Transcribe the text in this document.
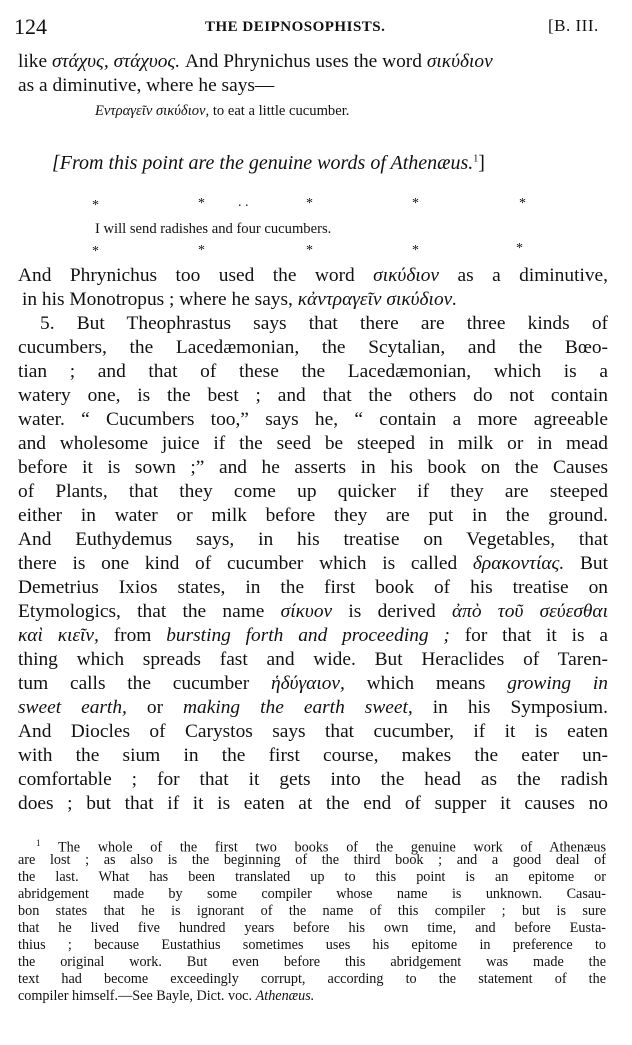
124	THE DEIPNOSOPHISTS.	[B. III.
like στάχυς, στάχυος. And Phrynichus uses the word σικύδιον
as a diminutive, where he says—
Εντραγεῖν σικύδιον, to eat a little cucumber.
[From this point are the genuine words of Athenæus.$^1$]
*	* . .	*	*	*
I will send radishes and four cucumbers.
*	*	*	*	*
And Phrynichus too used the word σικύδιον as a diminutive,
in his Monotropus ; where he says, κἀντραγεῖν σικύδιον.
5. But Theophrastus says that there are three kinds of
cucumbers, the Lacedæmonian, the Scytalian, and the Bœo-
tian ; and that of these the Lacedæmonian, which is a
watery one, is the best ; and that the others do not contain
water. “ Cucumbers too,” says he, “ contain a more agreeable
and wholesome juice if the seed be steeped in milk or in mead
before it is sown ;” and he asserts in his book on the Causes
of Plants, that they come up quicker if they are steeped
either in water or milk before they are put in the ground.
And Euthydemus says, in his treatise on Vegetables, that
there is one kind of cucumber which is called δρακοντίας. But
Demetrius Ixios states, in the first book of his treatise on
Etymologics, that the name σίκυον is derived ἀπὸ τοῦ σεύεσθαι
καὶ κιεῖν, from bursting forth and proceeding ; for that it is a
thing which spreads fast and wide. But Heraclides of Taren-
tum calls the cucumber ἡδύγαιον, which means growing in
sweet earth, or making the earth sweet, in his Symposium.
And Diocles of Carystos says that cucumber, if it is eaten
with the sium in the first course, makes the eater un-
comfortable ; for that it gets into the head as the radish
does ; but that if it is eaten at the end of supper it causes no
$^1$ The whole of the first two books of the genuine work of Athenæus
are lost ; as also is the beginning of the third book ; and a good deal of
the last. What has been translated up to this point is an epitome or
abridgement made by some compiler whose name is unknown. Casau-
bon states that he is ignorant of the name of this compiler ; but is sure
that he lived five hundred years before his own time, and before Eusta-
thius ; because Eustathius sometimes uses his epitome in preference to
the original work. But even before this abridgement was made the
text had become exceedingly corrupt, according to the statement of the
compiler himself.—See Bayle, Dict. voc. Athenæus.
